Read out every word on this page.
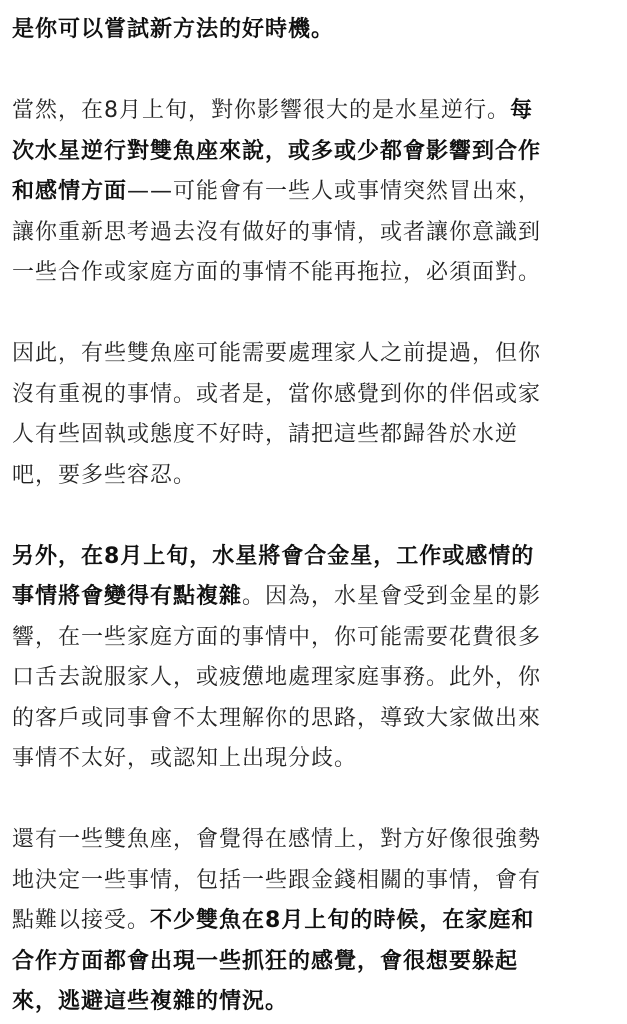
是你可以嘗試新方法的好時機。
當然，在8月上旬，對你影響很大的是水星逆行。每
次水星逆行對雙魚座來說，或多或少都會影響到合作
和感情方面——可能會有一些人或事情突然冒出來，
讓你重新思考過去沒有做好的事情，或者讓你意識到
一些合作或家庭方面的事情不能再拖拉，必須面對。
因此，有些雙魚座可能需要處理家人之前提過，但你
沒有重視的事情。或者是，當你感覺到你的伴侶或家
人有些固執或態度不好時，請把這些都歸咎於水逆
吧，要多些容忍。
另外，在8月上旬，水星將會合金星，工作或感情的
事情將會變得有點複雜。因為，水星會受到金星的影
響，在一些家庭方面的事情中，你可能需要花費很多
口舌去說服家人，或疲憊地處理家庭事務。此外，你
的客戶或同事會不太理解你的思路，導致大家做出來
事情不太好，或認知上出現分歧。
還有一些雙魚座，會覺得在感情上，對方好像很強勢
地決定一些事情，包括一些跟金錢相關的事情，會有
點難以接受。不少雙魚在8月上旬的時候，在家庭和
合作方面都會出現一些抓狂的感覺，會很想要躲起
來，逃避這些複雜的情況。
